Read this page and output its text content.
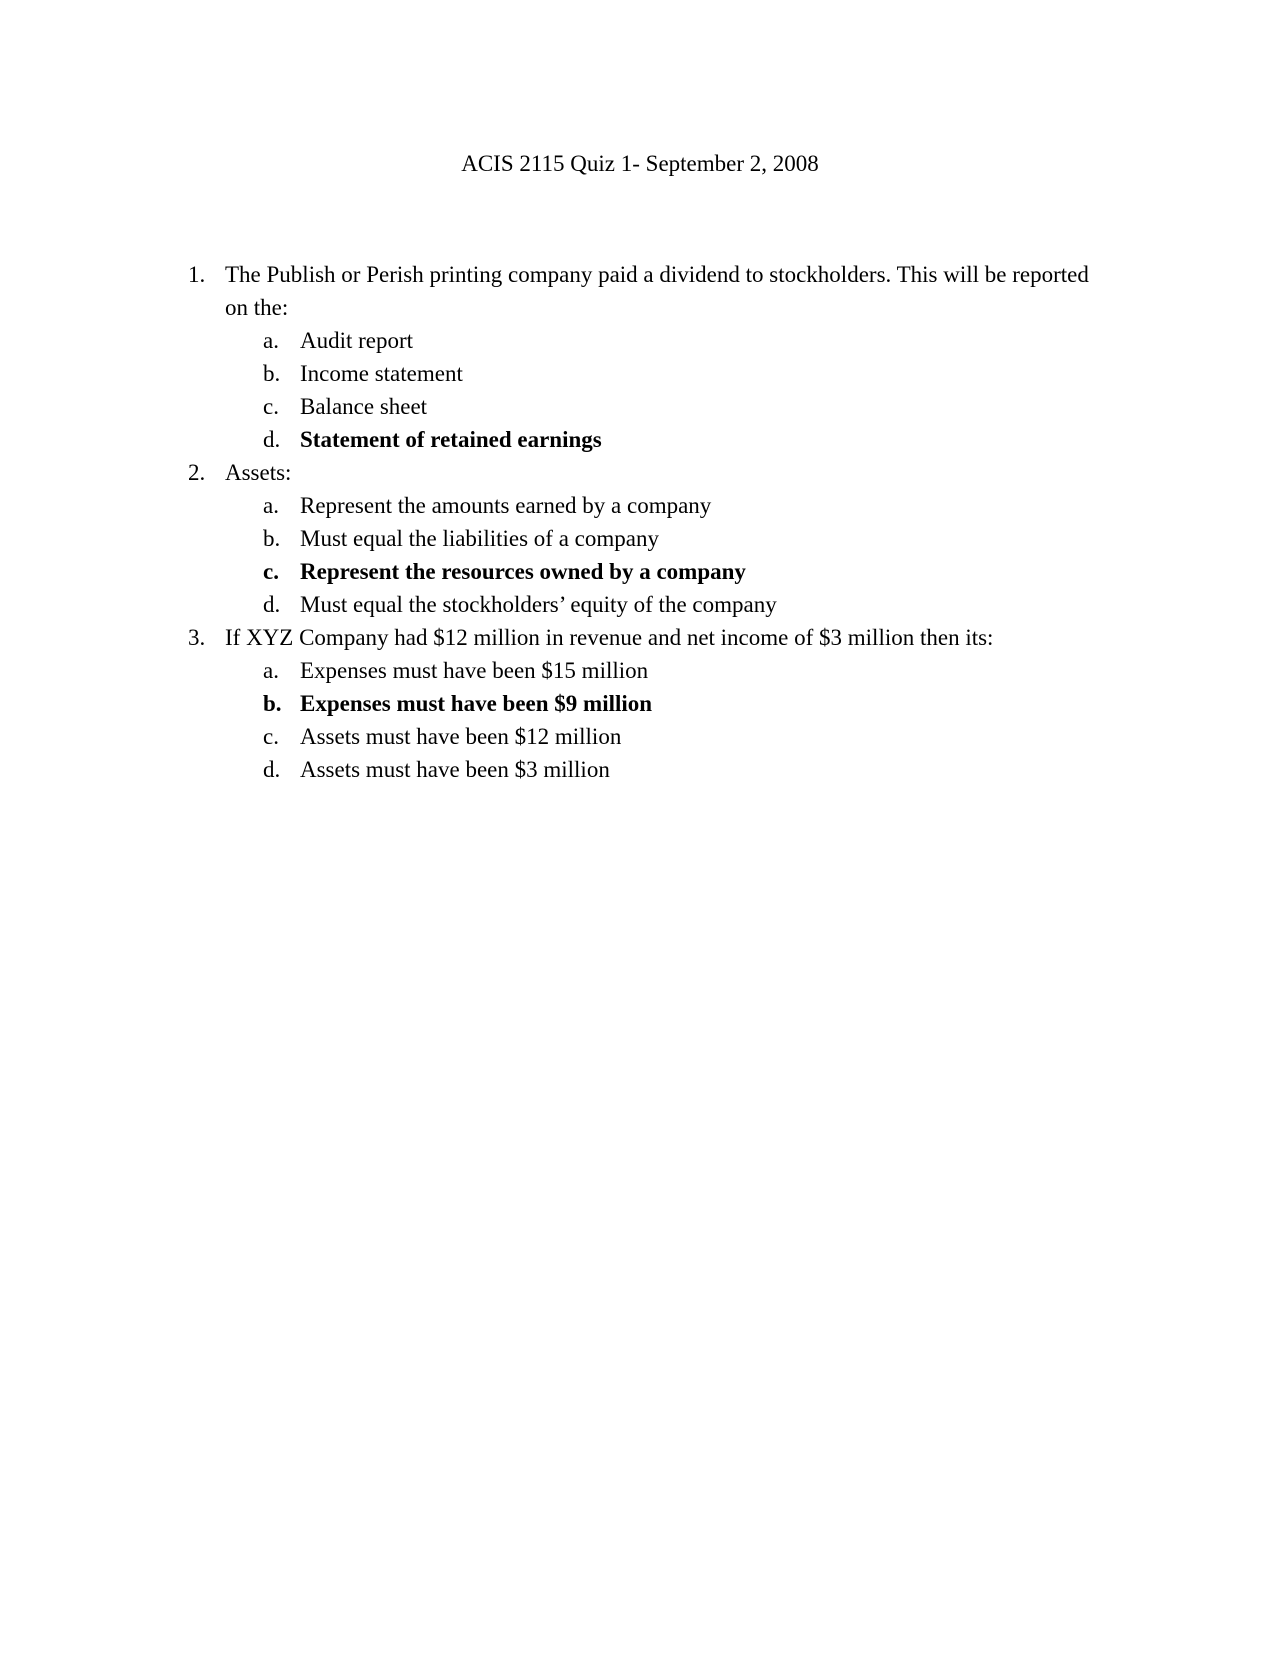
ACIS 2115 Quiz 1- September 2, 2008
1. The Publish or Perish printing company paid a dividend to stockholders. This will be reported on the:
a. Audit report
b. Income statement
c. Balance sheet
d. Statement of retained earnings
2. Assets:
a. Represent the amounts earned by a company
b. Must equal the liabilities of a company
c. Represent the resources owned by a company
d. Must equal the stockholders’ equity of the company
3. If XYZ Company had $12 million in revenue and net income of $3 million then its:
a. Expenses must have been $15 million
b. Expenses must have been $9 million
c. Assets must have been $12 million
d. Assets must have been $3 million
